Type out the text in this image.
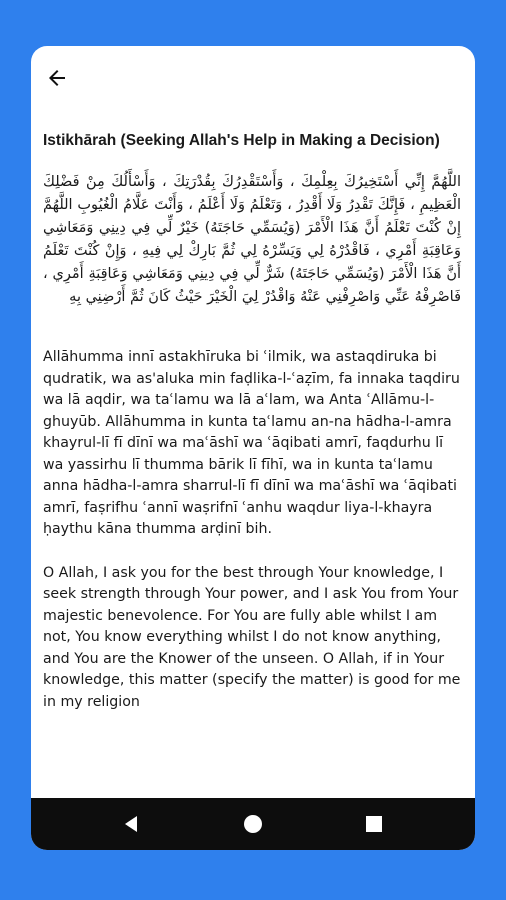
Istikhārah (Seeking Allah's Help in Making a Decision)

اللَّهُمَّ إِنِّي أَسْتَخِيرُكَ بِعِلْمِكَ ، وَأَسْتَقْدِرُكَ بِقُدْرَتِكَ ، وَأَسْأَلُكَ مِنْ فَضْلِكَ الْعَظِيمِ ، فَإِنَّكَ تَقْدِرُ وَلَا أَقْدِرُ ، وَتَعْلَمُ وَلَا أَعْلَمُ ، وَأَنْتَ عَلَّامُ الْغُيُوبِ اللَّهُمَّ إِنْ كُنْتَ تَعْلَمُ أَنَّ هَذَا الْأَمْرَ (وَيُسَمِّي حَاجَتَهُ) خَيْرٌ لِّي فِي دِينِي وَمَعَاشِي وَعَاقِبَةِ أَمْرِي ، فَاقْدُرْهُ لِي وَيَسِّرْهُ لِي ثُمَّ بَارِكْ لِي فِيهِ ، وَإِنْ كُنْتَ تَعْلَمُ أَنَّ هَذَا الْأَمْرَ (وَيُسَمِّي حَاجَتَهُ) شَرٌّ لِّي فِي دِينِي وَمَعَاشِي وَعَاقِبَةِ أَمْرِي ، فَاصْرِفْهُ عَنِّي وَاصْرِفْنِي عَنْهُ وَاقْدُرْ لِيَ الْخَيْرَ حَيْثُ كَانَ ثُمَّ أَرْضِنِي بِهِ

Allāhumma innī astakhīruka bi ʿilmik, wa astaqdiruka bi qudratik, wa as'aluka min faḍlika-l-ʿaẓīm, fa innaka taqdiru wa lā aqdir, wa taʿlamu wa lā aʿlam, wa Anta ʿAllāmu-l-ghuyūb. Allāhumma in kunta taʿlamu an-na hādha-l-amra khayrul-lī fī dīnī wa maʿāshī wa ʿāqibati amrī, faqdurhu lī wa yassirhu lī thumma bārik lī fīhī, wa in kunta taʿlamu anna hādha-l-amra sharrul-lī fī dīnī wa maʿāshī wa ʿāqibati amrī, faṣrifhu ʿannī waṣrifnī ʿanhu waqdur liya-l-khayra ḥaythu kāna thumma arḍinī bih.

O Allah, I ask you for the best through Your knowledge, I seek strength through Your power, and I ask You from Your majestic benevolence. For You are fully able whilst I am not, You know everything whilst I do not know anything, and You are the Knower of the unseen. O Allah, if in Your knowledge, this matter (specify the matter) is good for me in my religion
